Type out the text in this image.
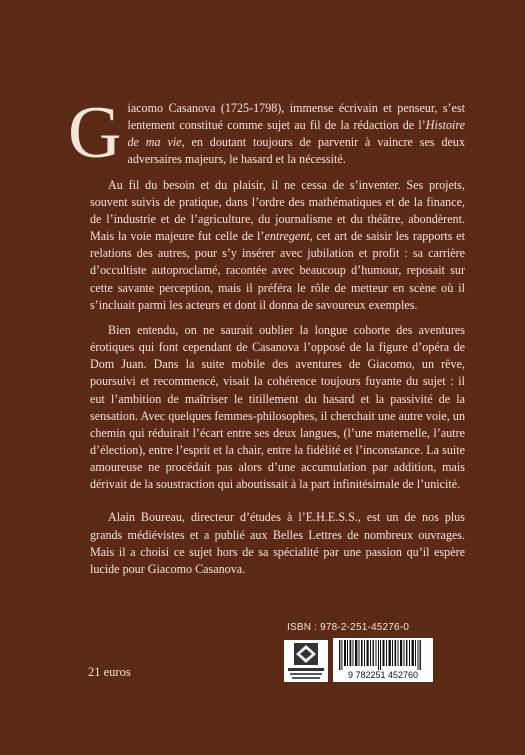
Giacomo Casanova (1725-1798), immense écrivain et penseur, s’est lentement constitué comme sujet au fil de la rédaction de l’Histoire de ma vie, en doutant toujours de parvenir à vaincre ses deux adversaires majeurs, le hasard et la nécessité.

Au fil du besoin et du plaisir, il ne cessa de s’inventer. Ses projets, souvent suivis de pratique, dans l’ordre des mathématiques et de la finance, de l’industrie et de l’agriculture, du journalisme et du théâtre, abondèrent. Mais la voie majeure fut celle de l’entregent, cet art de saisir les rapports et relations des autres, pour s’y insérer avec jubilation et profit : sa carrière d’occultiste autoproclamé, racontée avec beaucoup d’humour, reposait sur cette savante perception, mais il préféra le rôle de metteur en scène où il s’incluait parmi les acteurs et dont il donna de savoureux exemples.

Bien entendu, on ne saurait oublier la longue cohorte des aventures érotiques qui font cependant de Casanova l’opposé de la figure d’opéra de Dom Juan. Dans la suite mobile des aventures de Giacomo, un rêve, poursuivi et recommencé, visait la cohérence toujours fuyante du sujet : il eut l’ambition de maîtriser le titillement du hasard et la passivité de la sensation. Avec quelques femmes-philosophes, il cherchait une autre voie, un chemin qui réduirait l’écart entre ses deux langues, (l’une maternelle, l’autre d’élection), entre l’esprit et la chair, entre la fidélité et l’inconstance. La suite amoureuse ne procédait pas alors d’une accumulation par addition, mais dérivait de la soustraction qui aboutissait à la part infinitésimale de l’unicité.

Alain Boureau, directeur d’études à l’E.H.E.S.S., est un de nos plus grands médiévistes et a publié aux Belles Lettres de nombreux ouvrages. Mais il a choisi ce sujet hors de sa spécialité par une passion qu’il espère lucide pour Giacomo Casanova.

ISBN : 978-2-251-45276-0
9 782251 452760
21 euros
